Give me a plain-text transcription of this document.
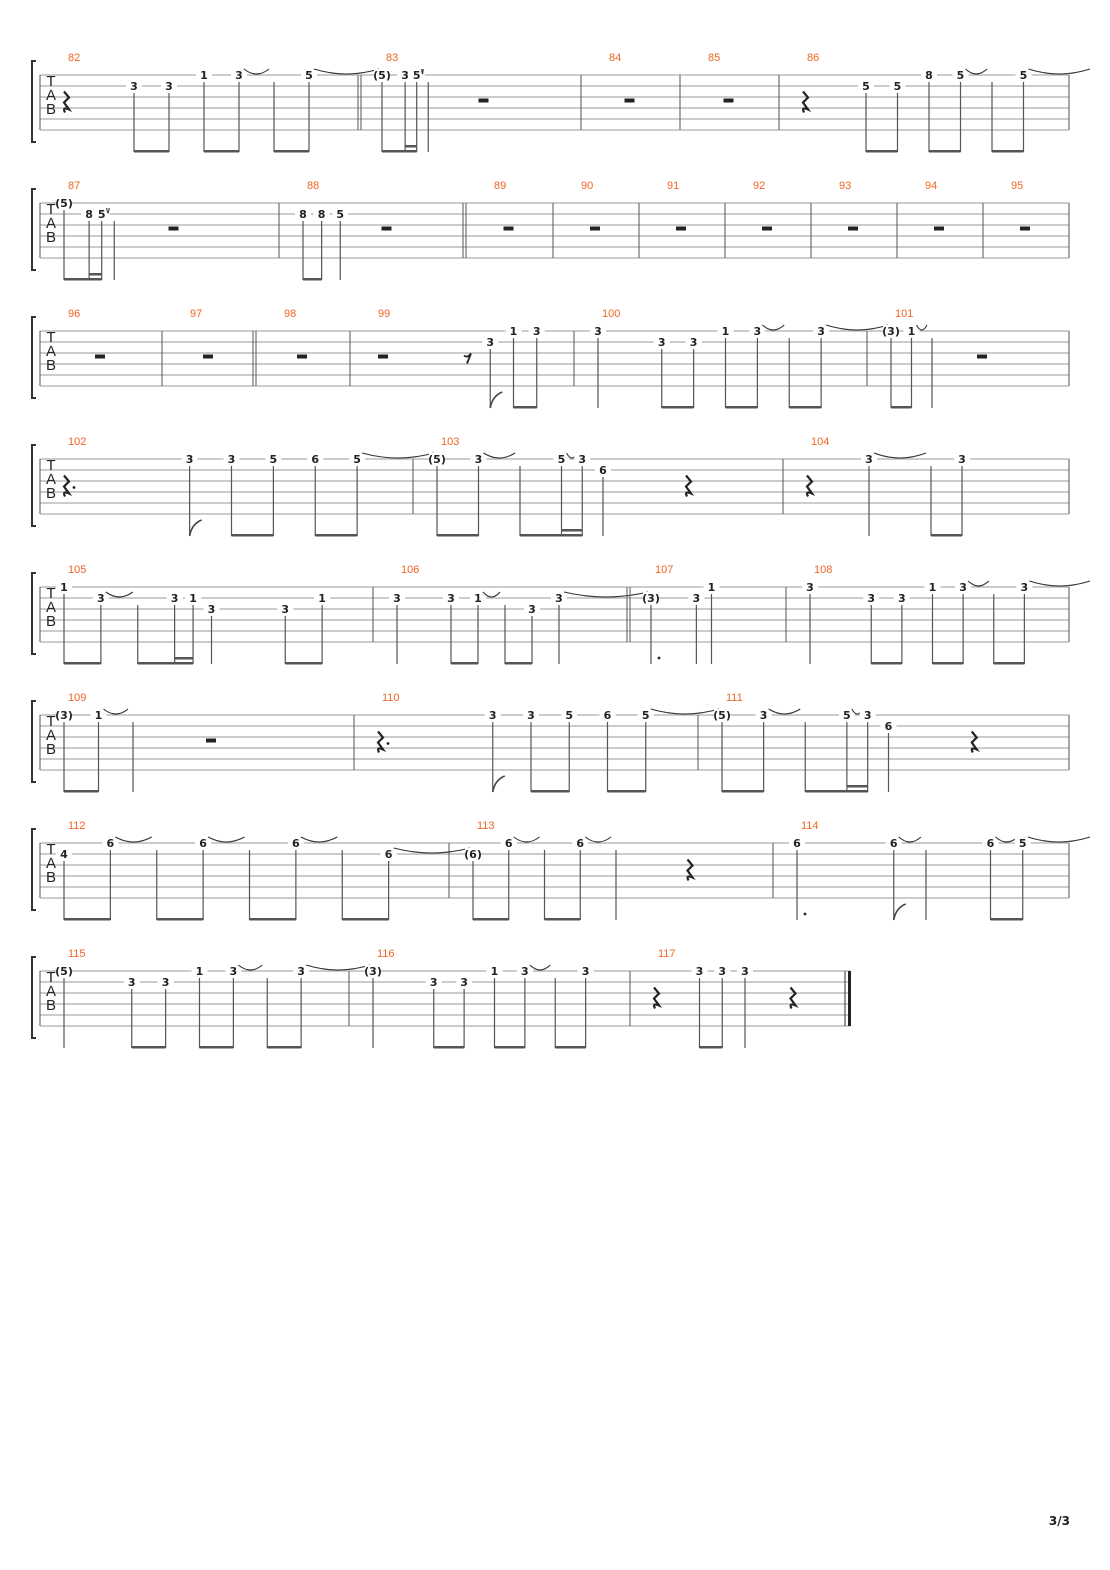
T
A
B
82
3 3
1 3	5
83
(5) 3 5
84	85	86
5 5
8 5	5
T
A
B
87
(5)
8 5
88
8 8 5
89	90	91	92	93	94	95
T
A
B
96	97	98	99
3
1 3
100
3
3 3
1 3	3
101
(3) 1
T
A
B
102
3	3	5	6	5
103
(5)	3	5 3
6
104
3	3
T
A
B
105
1
3	3 1
3	3
1
106
3	3 1
3
3
107
(3)	3
1
108
3
3 3
1 3	3
T
A
B
109
(3) 1
110
3	3	5	6	5
111
(5)	3	5 3
6
T
A
B
112
4
6	6	6
6
113
(6)
6	6
114
6	6	6 5
T
A
B
115
(5)
3 3
1 3	3
116
(3)
3 3
1 3	3
117
3 3 3
3/3
